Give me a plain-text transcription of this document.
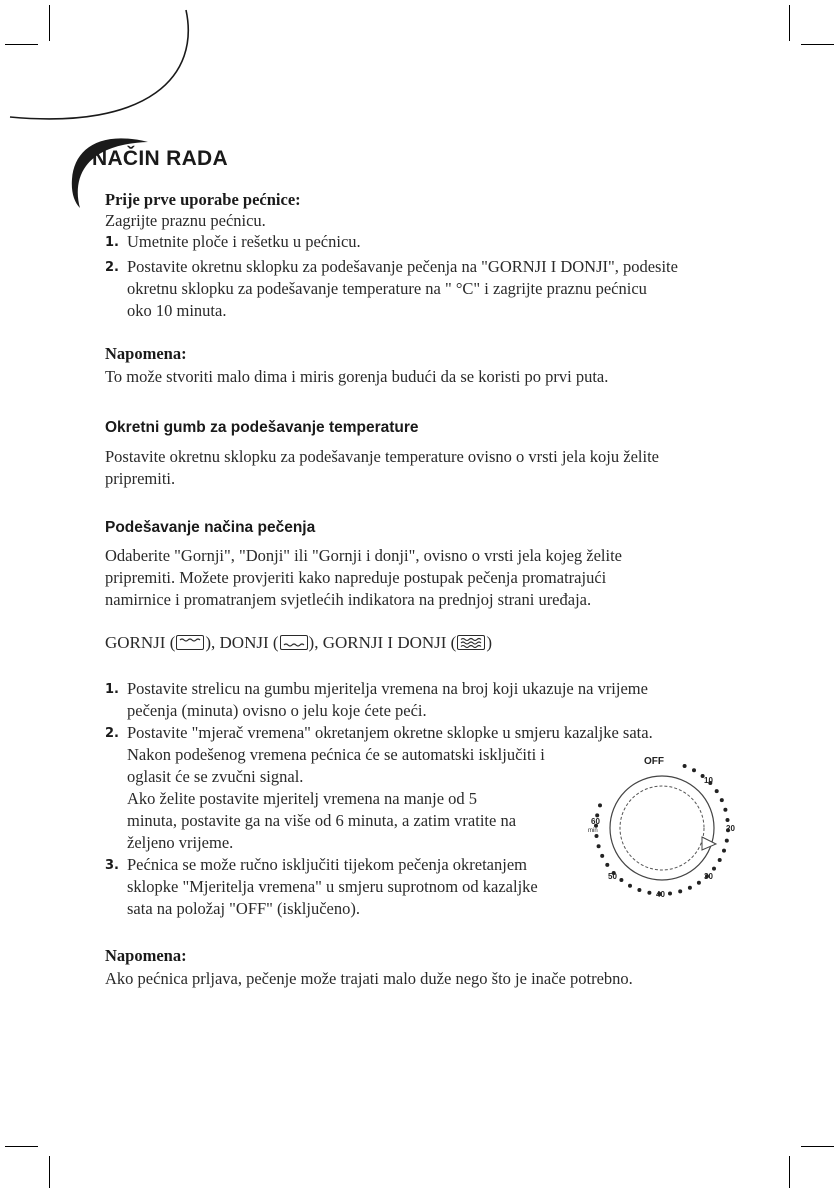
NAČIN RADA
Prije prve uporabe pećnice:
Zagrijte praznu pećnicu.
1. Umetnite ploče i rešetku u pećnicu.
2. Postavite okretnu sklopku za podešavanje pečenja na "GORNJI I DONJI", podesite
okretnu sklopku za podešavanje temperature na " °C" i zagrijte praznu pećnicu
oko 10 minuta.
Napomena:
To može stvoriti malo dima i miris gorenja budući da se koristi po prvi puta.
Okretni gumb za podešavanje temperature
Postavite okretnu sklopku za podešavanje temperature ovisno o vrsti jela koju želite
pripremiti.
Podešavanje načina pečenja
Odaberite "Gornji", "Donji" ili "Gornji i donji", ovisno o vrsti jela kojeg želite
pripremiti. Možete provjeriti kako napreduje postupak pečenja promatrajući
namirnice i promatranjem svjetlećih indikatora na prednjoj strani uređaja.
GORNJI ( ), DONJI ( ), GORNJI I DONJI ( )
1. Postavite strelicu na gumbu mjeritelja vremena na broj koji ukazuje na vrijeme
pečenja (minuta) ovisno o jelu koje ćete peći.
2. Postavite "mjerač vremena" okretanjem okretne sklopke u smjeru kazaljke sata.
Nakon podešenog vremena pećnica će se automatski isključiti i
oglasit će se zvučni signal.
Ako želite postavite mjeritelj vremena na manje od 5
minuta, postavite ga na više od 6 minuta, a zatim vratite na
željeno vrijeme.
3. Pećnica se može ručno isključiti tijekom pečenja okretanjem
sklopke "Mjeritelja vremena" u smjeru suprotnom od kazaljke
sata na položaj "OFF" (isključeno).
OFF
10
20
30
40
50
60
min
Napomena:
Ako pećnica prljava, pečenje može trajati malo duže nego što je inače potrebno.
